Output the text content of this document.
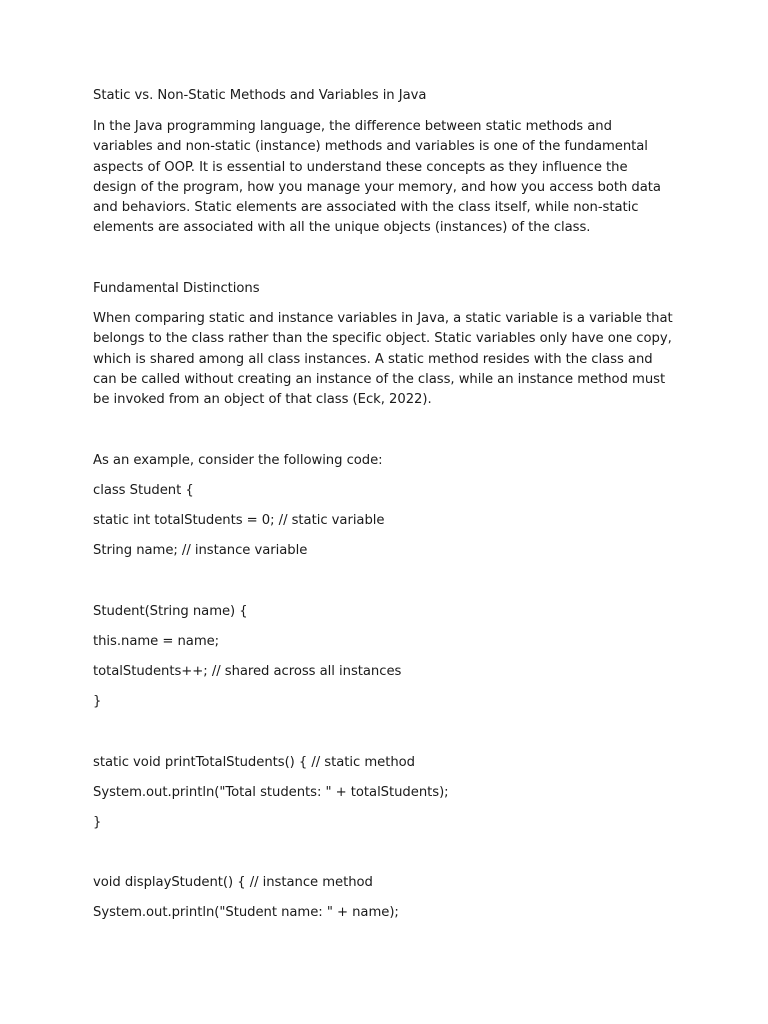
Static vs. Non-Static Methods and Variables in Java
In the Java programming language, the difference between static methods and variables and non-static (instance) methods and variables is one of the fundamental aspects of OOP. It is essential to understand these concepts as they influence the design of the program, how you manage your memory, and how you access both data and behaviors. Static elements are associated with the class itself, while non-static elements are associated with all the unique objects (instances) of the class.
Fundamental Distinctions
When comparing static and instance variables in Java, a static variable is a variable that belongs to the class rather than the specific object. Static variables only have one copy, which is shared among all class instances. A static method resides with the class and can be called without creating an instance of the class, while an instance method must be invoked from an object of that class (Eck, 2022).
As an example, consider the following code:
class Student {
static int totalStudents = 0; // static variable
String name; // instance variable
Student(String name) {
this.name = name;
totalStudents++; // shared across all instances
}
static void printTotalStudents() { // static method
System.out.println("Total students: " + totalStudents);
}
void displayStudent() { // instance method
System.out.println("Student name: " + name);
